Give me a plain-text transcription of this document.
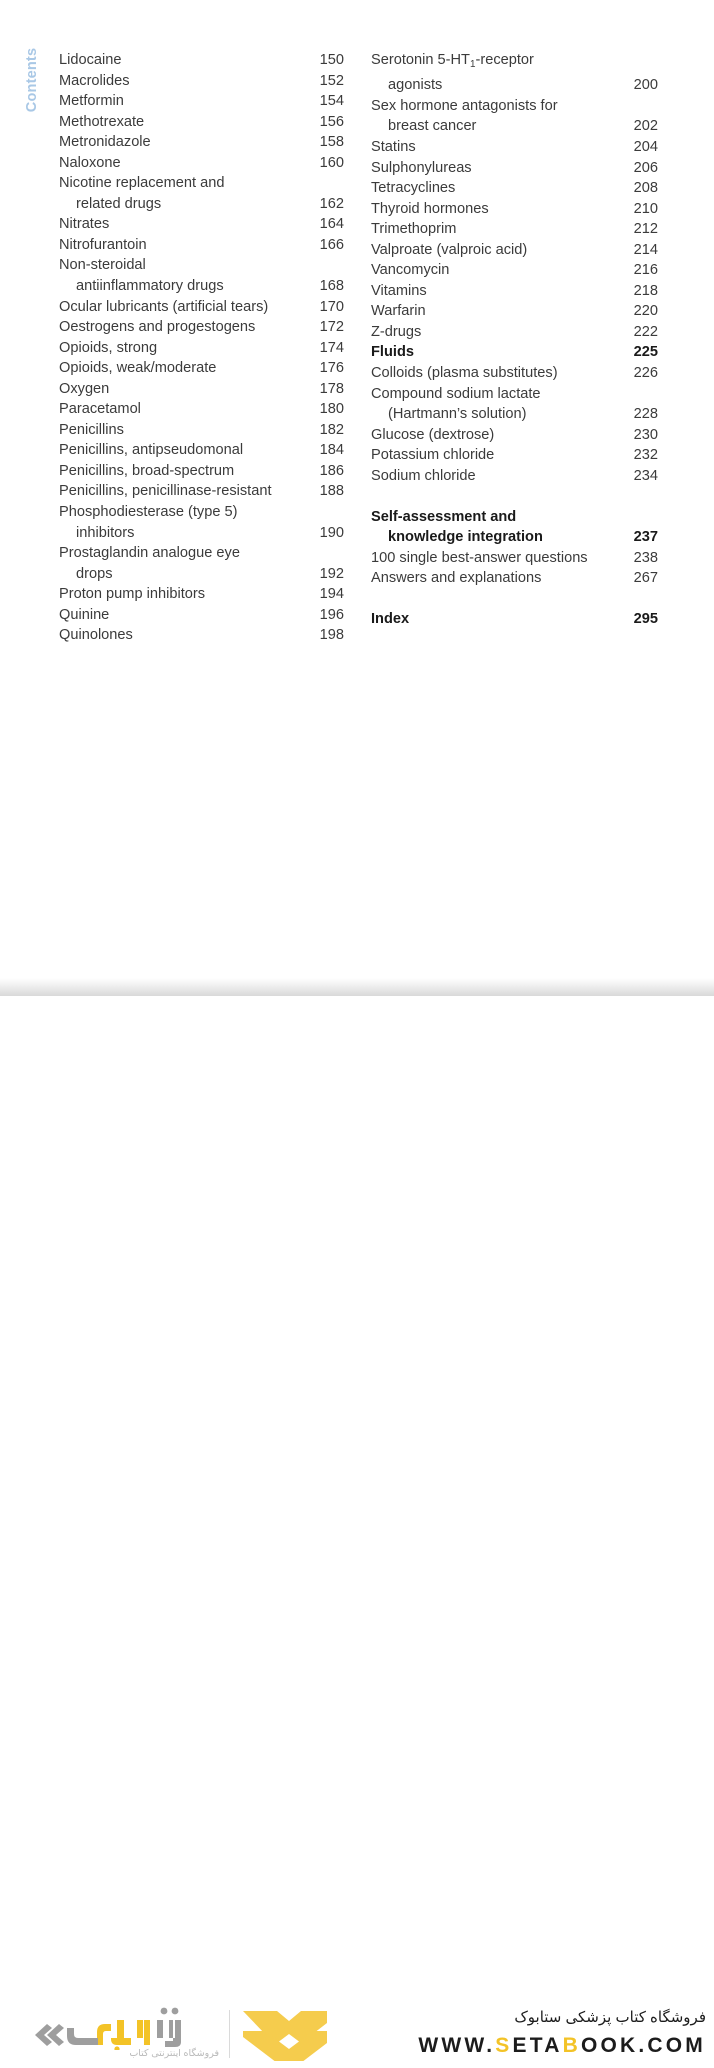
Contents Lidocaine	150
Macrolides	152
Metformin	154
Methotrexate	156
Metronidazole	158
Naloxone	160
Nicotine replacement and
related drugs	162
Nitrates	164
Nitrofurantoin	166
Non-steroidal
antiinflammatory drugs	168
Ocular lubricants (artificial tears)	170
Oestrogens and progestogens	172
Opioids, strong	174
Opioids, weak/moderate	176
Oxygen	178
Paracetamol	180
Penicillins	182
Penicillins, antipseudomonal	184
Penicillins, broad-spectrum	186
Penicillins, penicillinase-resistant	188
Phosphodiesterase (type 5)
inhibitors	190
Prostaglandin analogue eye
drops	192
Proton pump inhibitors	194
Quinine	196
Quinolones	198
Serotonin $5-HT_1$-receptor
agonists	200
Sex hormone antagonists for
breast cancer	202
Statins	204
Sulphonylureas	206
Tetracyclines	208
Thyroid hormones	210
Trimethoprim	212
Valproate (valproic acid)	214
Vancomycin	216
Vitamins	218
Warfarin	220
Z-drugs	222
Fluids	225
Colloids (plasma substitutes)	226
Compound sodium lactate
(Hartmann’s solution)	228
Glucose (dextrose)	230
Potassium chloride	232
Sodium chloride	234
Self-assessment and
knowledge integration	237
100 single best-answer questions	238
Answers and explanations	267
Index	295
فروشگاه اینترنتی کتاب
فروشگاه کتاب پزشکی ستابوک
WWW.SETABOOK.COM
